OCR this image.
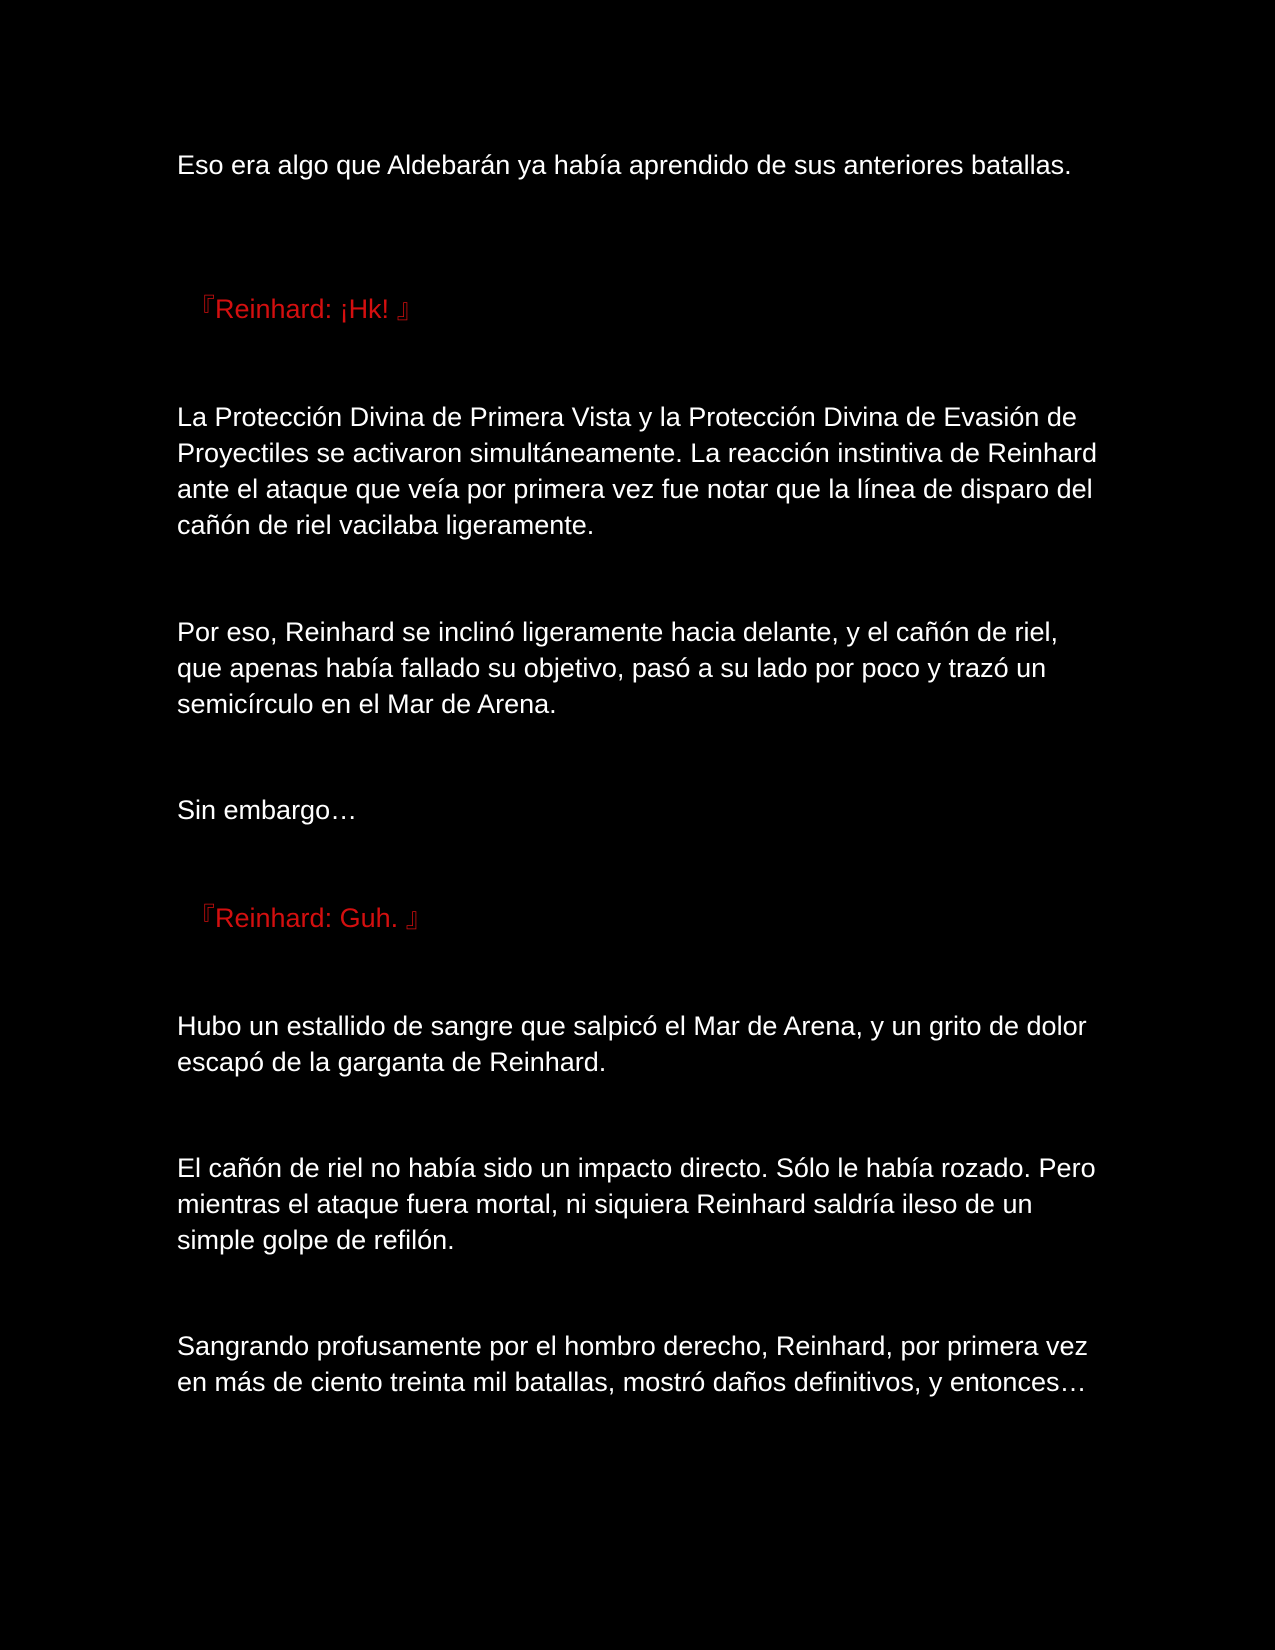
Eso era algo que Aldebarán ya había aprendido de sus anteriores batallas.

『Reinhard: ¡Hk! 』

La Protección Divina de Primera Vista y la Protección Divina de Evasión de Proyectiles se activaron simultáneamente. La reacción instintiva de Reinhard ante el ataque que veía por primera vez fue notar que la línea de disparo del cañón de riel vacilaba ligeramente.

Por eso, Reinhard se inclinó ligeramente hacia delante, y el cañón de riel, que apenas había fallado su objetivo, pasó a su lado por poco y trazó un semicírculo en el Mar de Arena.

Sin embargo…

『Reinhard: Guh. 』

Hubo un estallido de sangre que salpicó el Mar de Arena, y un grito de dolor escapó de la garganta de Reinhard.

El cañón de riel no había sido un impacto directo. Sólo le había rozado. Pero mientras el ataque fuera mortal, ni siquiera Reinhard saldría ileso de un simple golpe de refilón.

Sangrando profusamente por el hombro derecho, Reinhard, por primera vez en más de ciento treinta mil batallas, mostró daños definitivos, y entonces…
